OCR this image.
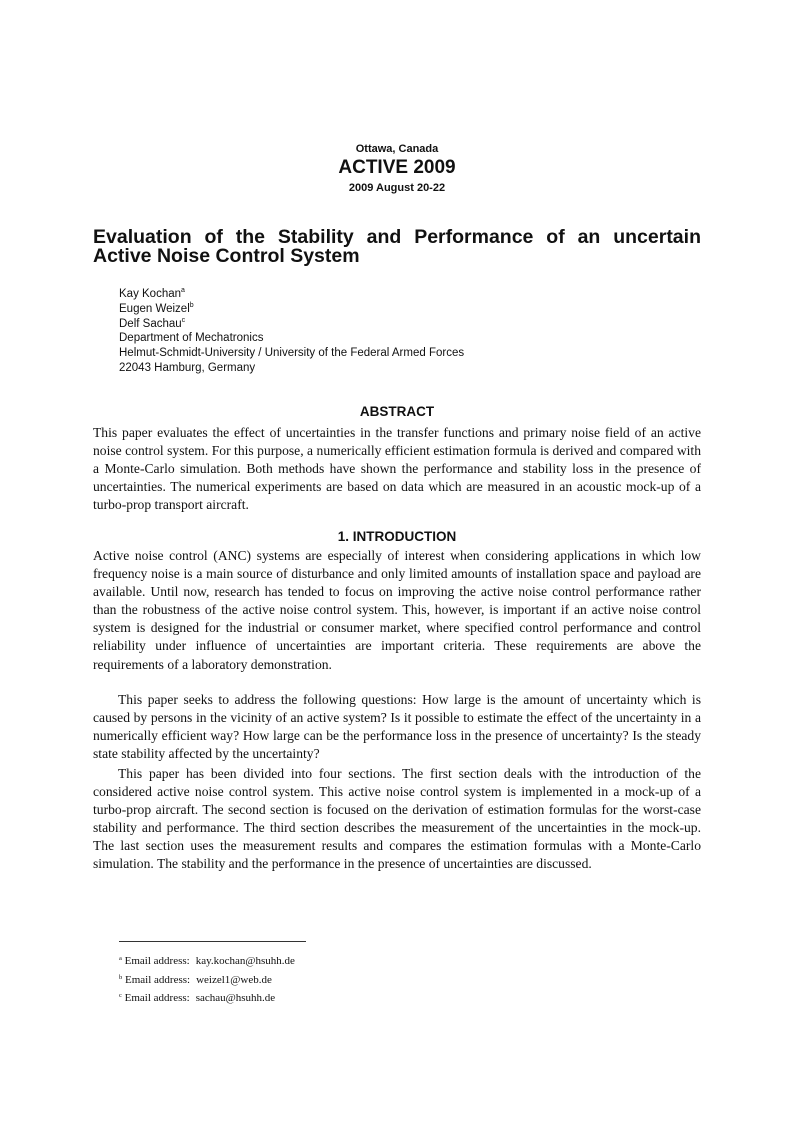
Ottawa, Canada
ACTIVE 2009
2009 August 20-22
Evaluation of the Stability and Performance of an uncertain Active Noise Control System
Kay Kochan$^a$
Eugen Weizel$^b$
Delf Sachau$^c$
Department of Mechatronics
Helmut-Schmidt-University / University of the Federal Armed Forces
22043 Hamburg, Germany
ABSTRACT

This paper evaluates the effect of uncertainties in the transfer functions and primary noise field of an active noise control system. For this purpose, a numerically efficient estimation formula is derived and compared with a Monte-Carlo simulation. Both methods have shown the performance and stability loss in the presence of uncertainties. The numerical experiments are based on data which are measured in an acoustic mock-up of a turbo-prop transport aircraft.

1. INTRODUCTION

Active noise control (ANC) systems are especially of interest when considering applications in which low frequency noise is a main source of disturbance and only limited amounts of installation space and payload are available. Until now, research has tended to focus on improving the active noise control performance rather than the robustness of the active noise control system. This, however, is important if an active noise control system is designed for the industrial or consumer market, where specified control performance and control reliability under influence of uncertainties are important criteria. These requirements are above the requirements of a laboratory demonstration.

This paper seeks to address the following questions: How large is the amount of uncertainty which is caused by persons in the vicinity of an active system? Is it possible to estimate the effect of the uncertainty in a numerically efficient way? How large can be the performance loss in the presence of uncertainty? Is the steady state stability affected by the uncertainty?

This paper has been divided into four sections. The first section deals with the introduction of the considered active noise control system. This active noise control system is implemented in a mock-up of a turbo-prop aircraft. The second section is focused on the derivation of estimation formulas for the worst-case stability and performance. The third section describes the measurement of the uncertainties in the mock-up. The last section uses the measurement results and compares the estimation formulas with a Monte-Carlo simulation. The stability and the performance in the presence of uncertainties are discussed.

$^a$ Email address: kay.kochan@hsuhh.de
$^b$ Email address: weizel1@web.de
$^c$ Email address: sachau@hsuhh.de
